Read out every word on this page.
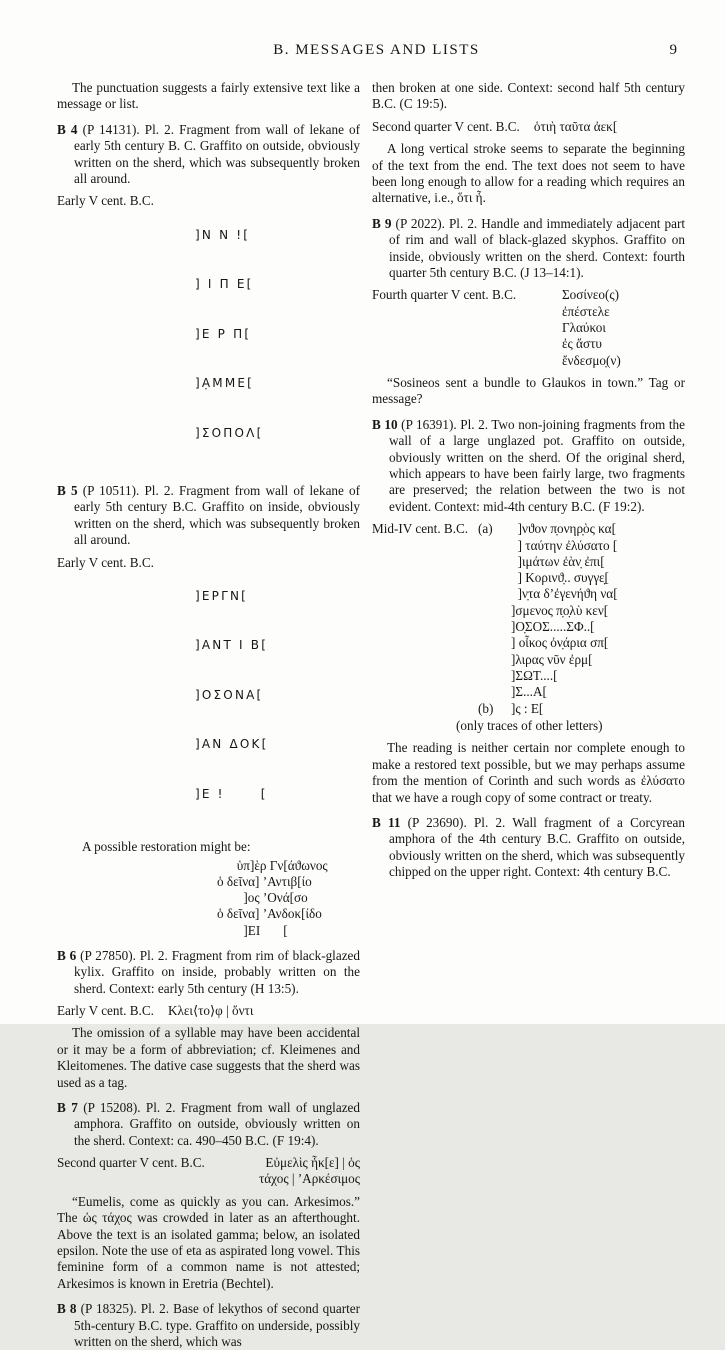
B. MESSAGES AND LISTS	9

The punctuation suggests a fairly extensive text like a message or list.

B 4 (P 14131). Pl. 2. Fragment from wall of lekane of early 5th century B. C. Graffito on outside, obviously written on the sherd, which was subsequently broken all around.

Early V cent. B.C.

]N N ![

] I Π E[

]E P Π[

]ẠMME[

]ΣΟΠΟΛ[

B 5 (P 10511). Pl. 2. Fragment from wall of lekane of early 5th century B.C. Graffito on inside, obviously written on the sherd, which was subsequently broken all around.

Early V cent. B.C.

]EPΓN[

]ANT I B[

]OΣONA[

]AN ΔOK[

]E !      [

A possible restoration might be:

ὑπ]ὲρ Γν[άϑωνος
ὁ δεῖνα] ’Αντιβ[ίο
]ος ’Ονά[σο
ὁ δεῖνα] ’Ανδοκ[ίδο
]ΕΙ       [

B 6 (P 27850). Pl. 2. Fragment from rim of black-glazed kylix. Graffito on inside, probably written on the sherd. Context: early 5th century (H 13:5).

Early V cent. B.C. Κλει⟨το⟩φ | ὄντι

The omission of a syllable may have been accidental or it may be a form of abbreviation; cf. Kleimenes and Kleitomenes. The dative case suggests that the sherd was used as a tag.

B 7 (P 15208). Pl. 2. Fragment from wall of unglazed amphora. Graffito on outside, obviously written on the sherd. Context: ca. 490–450 B.C. (F 19:4).

Second quarter V cent. B.C.	Εὐμελὶς ἧκ[ε] | ὁς
τάχος | ’Αρκέσιμος

“Eumelis, come as quickly as you can. Arkesimos.” The ὡς τάχος was crowded in later as an afterthought. Above the text is an isolated gamma; below, an isolated epsilon. Note the use of eta as aspirated long vowel. This feminine form of a common name is not attested; Arkesimos is known in Eretria (Bechtel).

B 8 (P 18325). Pl. 2. Base of lekythos of second quarter 5th-century B.C. type. Graffito on underside, possibly written on the sherd, which was

then broken at one side. Context: second half 5th century B.C. (C 19:5).

Second quarter V cent. B.C. ὁτιὴ ταῦτα ἀεκ[

A long vertical stroke seems to separate the beginning of the text from the end. The text does not seem to have been long enough to allow for a reading which requires an alternative, i.e., ὅτι ἦ.

B 9 (P 2022). Pl. 2. Handle and immediately adjacent part of rim and wall of black-glazed skyphos. Graffito on inside, obviously written on the sherd. Context: fourth quarter 5th century B.C. (J 13–14:1).

Fourth quarter V cent. B.C.	Σοσίνεο(ς)
ἐπέστελε
Γλαύκοι
ἐς ἄστυ
ἔνδεσμο̣(ν)

“Sosineos sent a bundle to Glaukos in town.” Tag or message?

B 10 (P 16391). Pl. 2. Two non-joining fragments from the wall of a large unglazed pot. Graffito on outside, obviously written on the sherd. Of the original sherd, which appears to have been fairly large, two fragments are preserved; the relation between the two is not evident. Context: mid-4th century B.C. (F 19:2).

Mid-IV cent. B.C. (a)	]νϑον π̣ονηρ̣ὸς κα[
] ταύτην ἐλύσατο [
]ιμάτων ἐὰν̣ ἐπι[
] Κορινϑ̣.. συγγε̣[
]ν̣τα δ’ἐγενήϑη να[
]σμενος π̣ο̣λὺ κεν[
]Ο̣ΣΟΣ.....ΣΦ..[
] οἶκος ὀν̣άρια σπ[
]λιρας νῦν ἐρμ[
]ΣΩΤ....[
]Σ...Α[
(b)	]ς : Ε[
(only traces of other letters)

The reading is neither certain nor complete enough to make a restored text possible, but we may perhaps assume from the mention of Corinth and such words as ἐλύσατο that we have a rough copy of some contract or treaty.

B 11 (P 23690). Pl. 2. Wall fragment of a Corcyrean amphora of the 4th century B.C. Graffito on outside, obviously written on the sherd, which was subsequently chipped on the upper right. Context: 4th century B.C.
